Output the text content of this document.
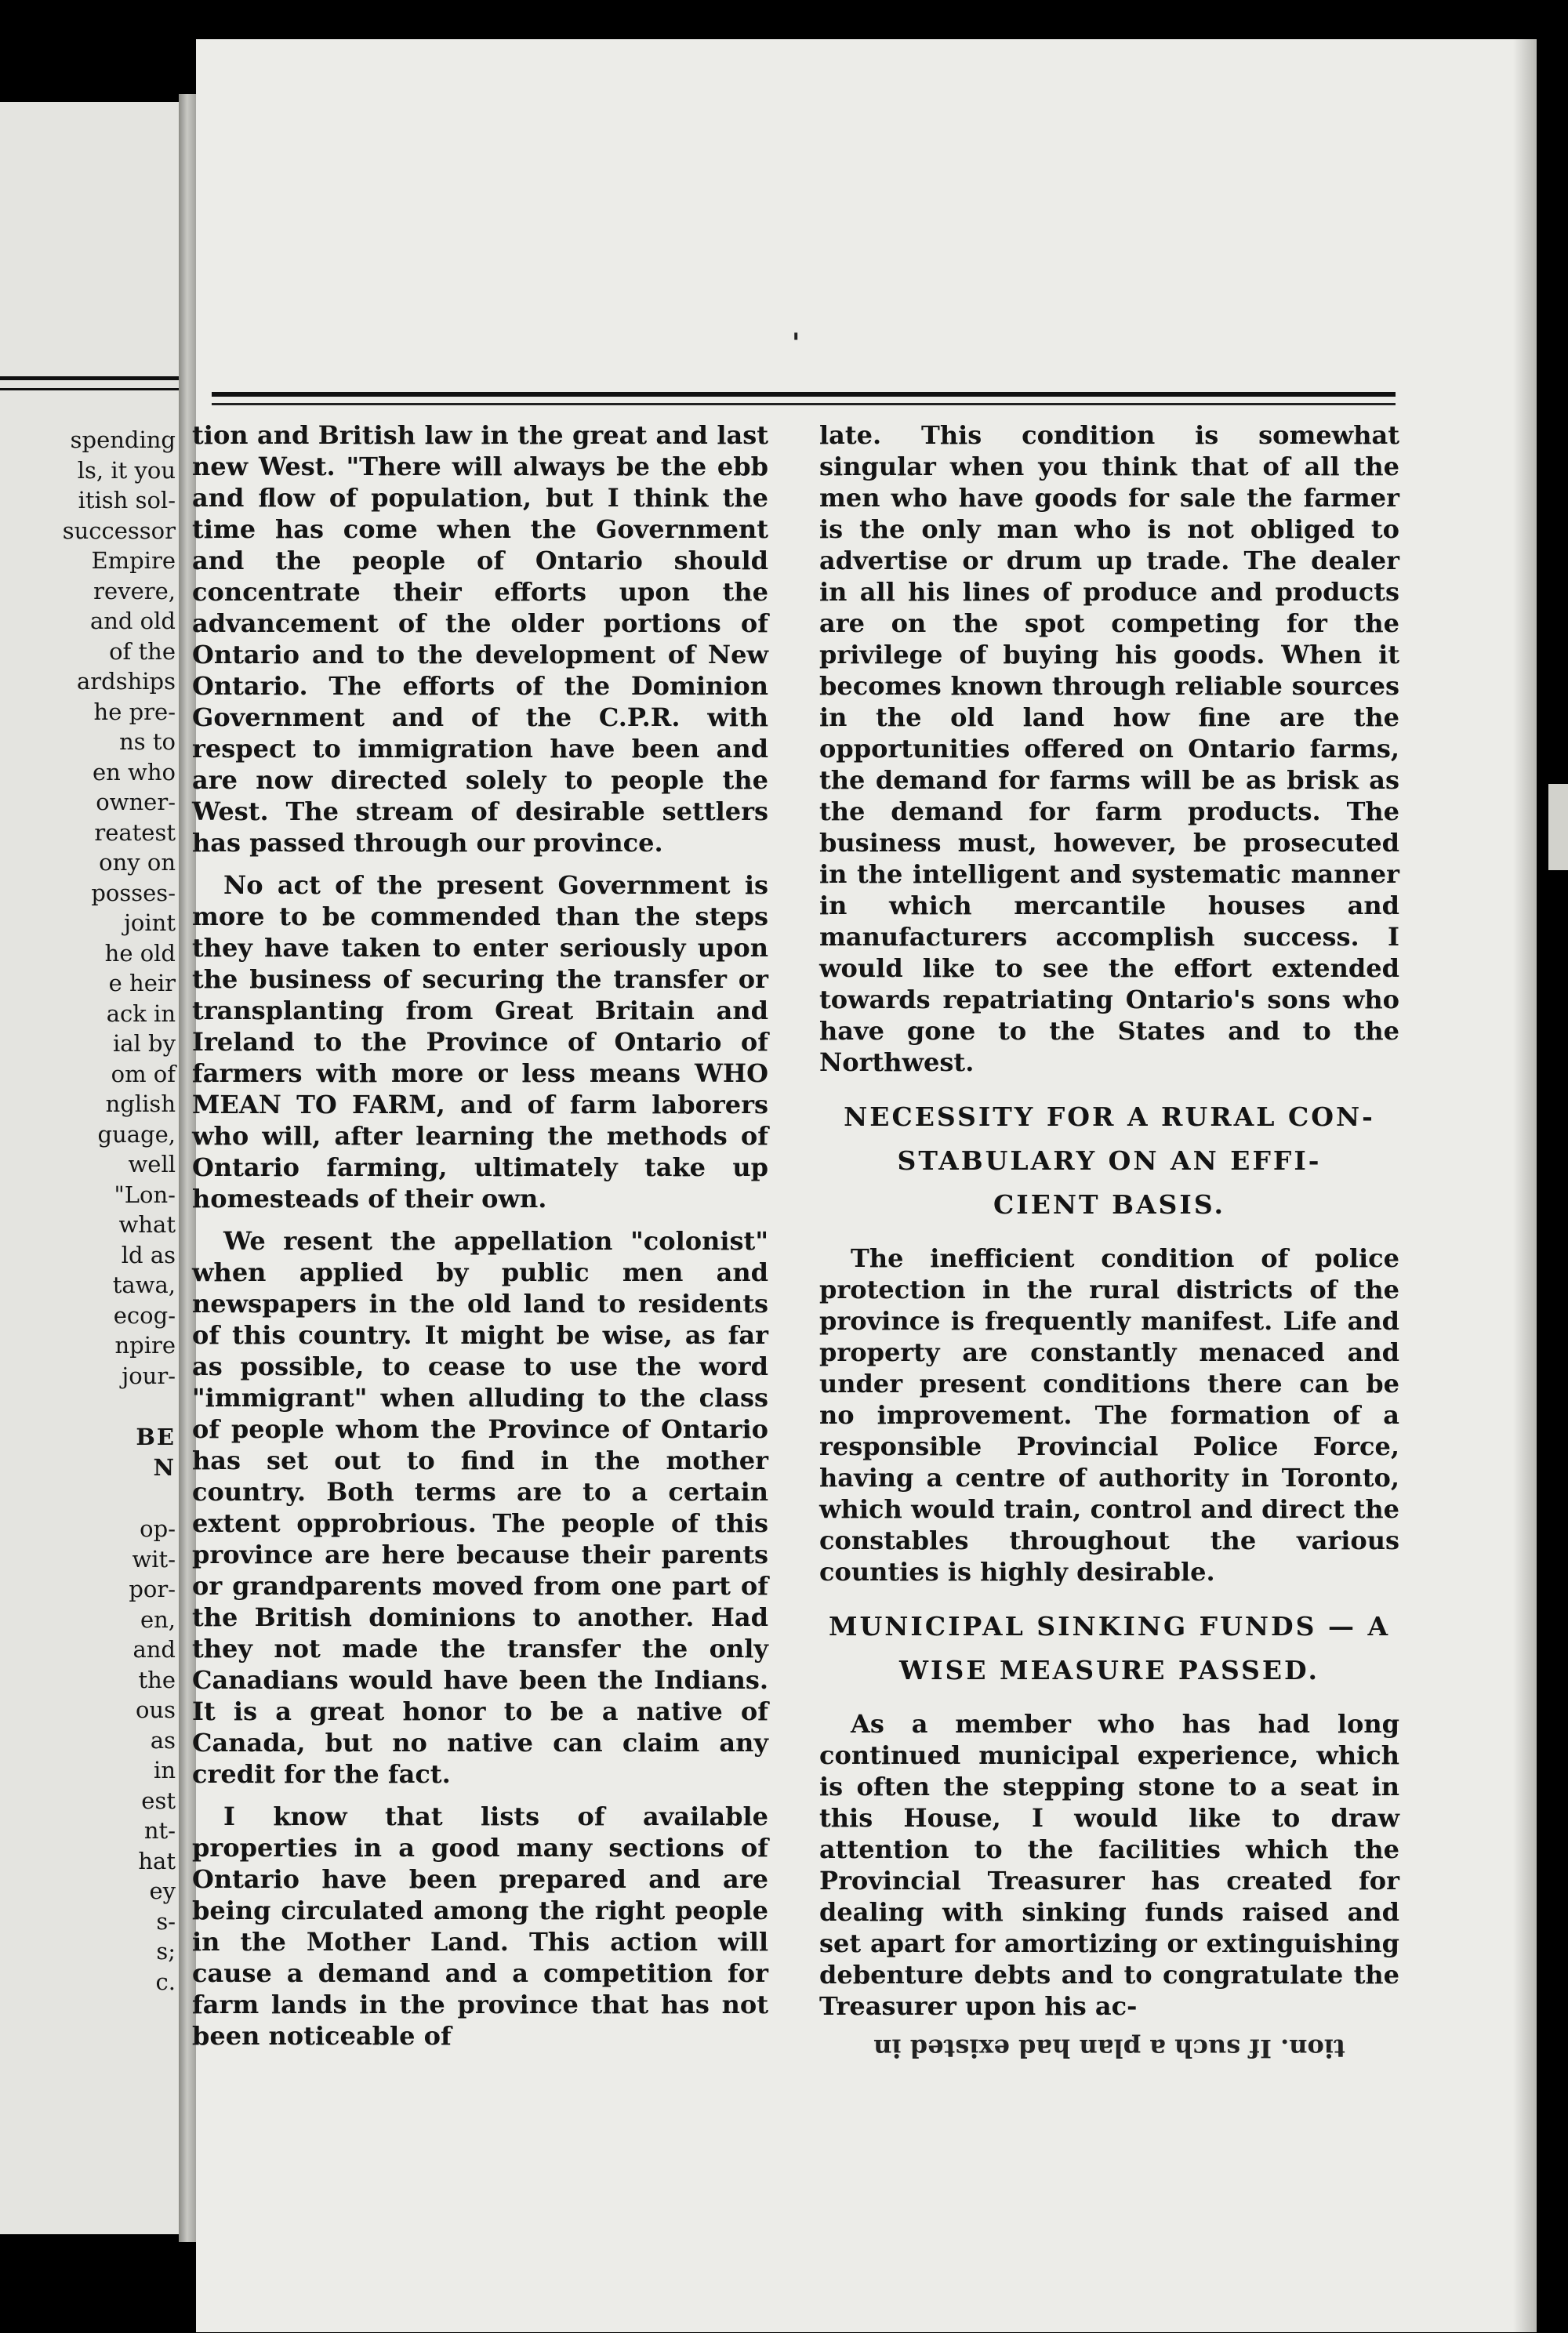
spending
ls, it you
itish sol-
successor
Empire
revere,
and old
of the
ardships
he pre-
ns to
en who
owner-
reatest
ony on
posses-
joint
he old
e heir
ack in
ial by
om of
nglish
guage,
well
"Lon-
what
ld as
tawa,
ecog-
npire
jour-
BE
N
op-
wit-
por-
en,
and
the
ous
as
in
est
nt-
hat
ey
s-
s;
c.
'

tion and British law in the great and last new West. "There will always be the ebb and flow of population, but I think the time has come when the Government and the people of Ontario should concentrate their efforts upon the advancement of the older portions of Ontario and to the development of New Ontario. The efforts of the Dominion Government and of the C.P.R. with respect to immigration have been and are now directed solely to people the West. The stream of desirable settlers has passed through our province.

No act of the present Government is more to be commended than the steps they have taken to enter seriously upon the business of securing the transfer or transplanting from Great Britain and Ireland to the Province of Ontario of farmers with more or less means WHO MEAN TO FARM, and of farm laborers who will, after learning the methods of Ontario farming, ultimately take up homesteads of their own.

We resent the appellation "colonist" when applied by public men and newspapers in the old land to residents of this country. It might be wise, as far as possible, to cease to use the word "immigrant" when alluding to the class of people whom the Province of Ontario has set out to find in the mother country. Both terms are to a certain extent opprobrious. The people of this province are here because their parents or grandparents moved from one part of the British dominions to another. Had they not made the transfer the only Canadians would have been the Indians. It is a great honor to be a native of Canada, but no native can claim any credit for the fact.

I know that lists of available properties in a good many sections of Ontario have been prepared and are being circulated among the right people in the Mother Land. This action will cause a demand and a competition for farm lands in the province that has not been noticeable of

late. This condition is somewhat singular when you think that of all the men who have goods for sale the farmer is the only man who is not obliged to advertise or drum up trade. The dealer in all his lines of produce and products are on the spot competing for the privilege of buying his goods. When it becomes known through reliable sources in the old land how fine are the opportunities offered on Ontario farms, the demand for farms will be as brisk as the demand for farm products. The business must, however, be prosecuted in the intelligent and systematic manner in which mercantile houses and manufacturers accomplish success. I would like to see the effort extended towards repatriating Ontario's sons who have gone to the States and to the Northwest.

NECESSITY FOR A RURAL CON-
STABULARY ON AN EFFI-
CIENT BASIS.

The inefficient condition of police protection in the rural districts of the province is frequently manifest. Life and property are constantly menaced and under present conditions there can be no improvement. The formation of a responsible Provincial Police Force, having a centre of authority in Toronto, which would train, control and direct the constables throughout the various counties is highly desirable.

MUNICIPAL SINKING FUNDS — A
WISE MEASURE PASSED.

As a member who has had long continued municipal experience, which is often the stepping stone to a seat in this House, I would like to draw attention to the facilities which the Provincial Treasurer has created for dealing with sinking funds raised and set apart for amortizing or extinguishing debenture debts and to congratulate the Treasurer upon his ac-

tion. If such a plan had existed in
